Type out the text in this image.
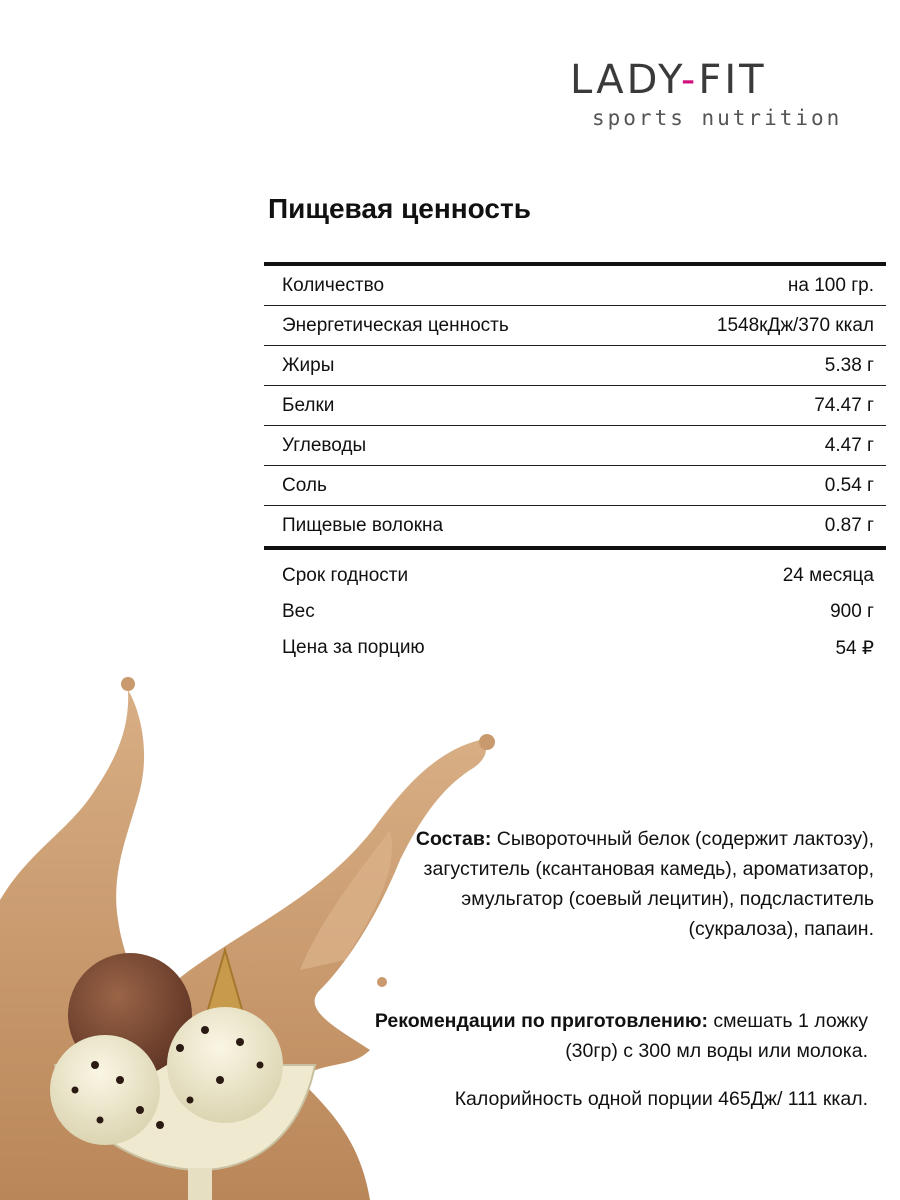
LADY-FIT
sports nutrition
Пищевая ценность
Количество	на 100 гр.
Энергетическая ценность	1548кДж/370 ккал
Жиры	5.38 г
Белки	74.47 г
Углеводы	4.47 г
Соль	0.54 г
Пищевые волокна	0.87 г
Срок годности	24 месяца
Вес	900 г
Цена за порцию	54 ₽

Состав: Сывороточный белок (содержит лактозу), загуститель (ксантановая камедь), ароматизатор, эмульгатор (соевый лецитин), подсластитель (сукралоза), папаин.

Рекомендации по приготовлению: смешать 1 ложку (30гр) с 300 мл воды или молока.

Калорийность одной порции 465Дж/ 111 ккал.
